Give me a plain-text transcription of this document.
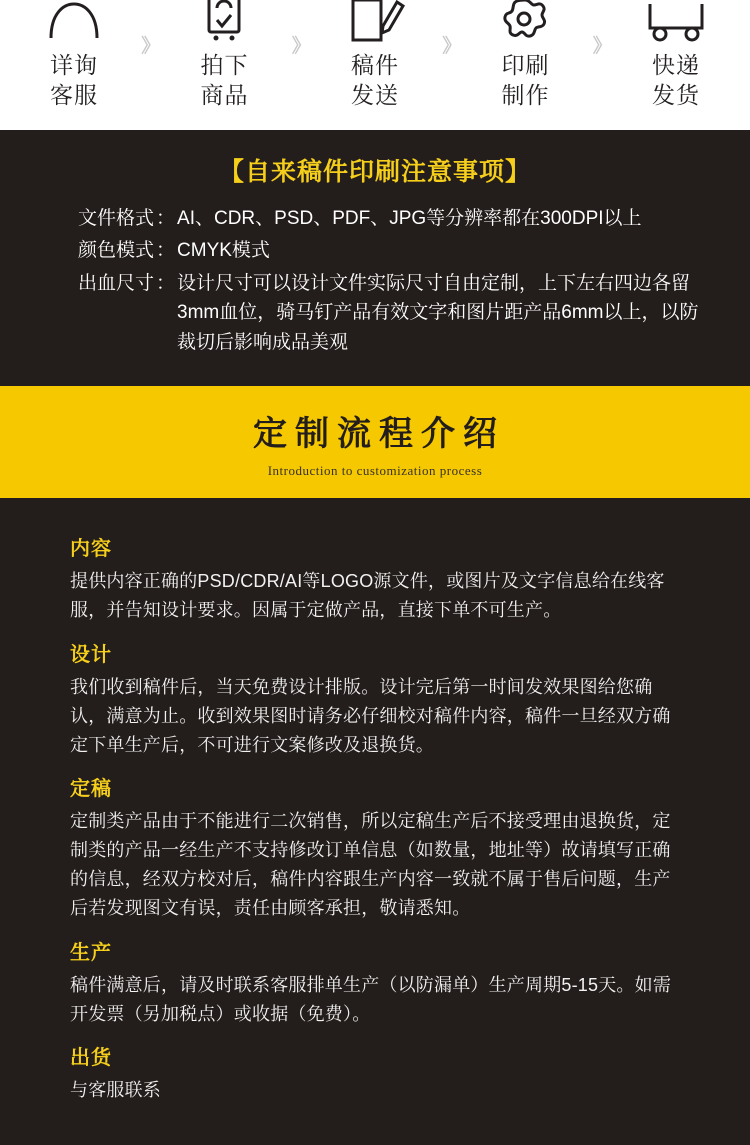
详询
客服
》
拍下
商品
》
稿件
发送
》
印刷
制作
》
快递
发货
【自来稿件印刷注意事项】
文件格式 ： AI、CDR、PSD、PDF、JPG等分辨率都在300DPI以上
颜色模式 ： CMYK模式
出血尺寸 ： 设计尺寸可以设计文件实际尺寸自由定制，上下左右四边各留3mm血位，骑马钉产品有效文字和图片距产品6mm以上，以防裁切后影响成品美观
定制流程介绍
Introduction to customization process
内容
提供内容正确的PSD/CDR/AI等LOGO源文件，或图片及文字信息给在线客服，并告知设计要求。因属于定做产品，直接下单不可生产。
设计
我们收到稿件后，当天免费设计排版。设计完后第一时间发效果图给您确认，满意为止。收到效果图时请务必仔细校对稿件内容，稿件一旦经双方确定下单生产后，不可进行文案修改及退换货。
定稿
定制类产品由于不能进行二次销售，所以定稿生产后不接受理由退换货，定制类的产品一经生产不支持修改订单信息（如数量，地址等）故请填写正确的信息，经双方校对后，稿件内容跟生产内容一致就不属于售后问题，生产后若发现图文有误，责任由顾客承担，敬请悉知。
生产
稿件满意后，请及时联系客服排单生产（以防漏单）生产周期5-15天。如需开发票（另加税点）或收据（免费）。
出货
与客服联系
